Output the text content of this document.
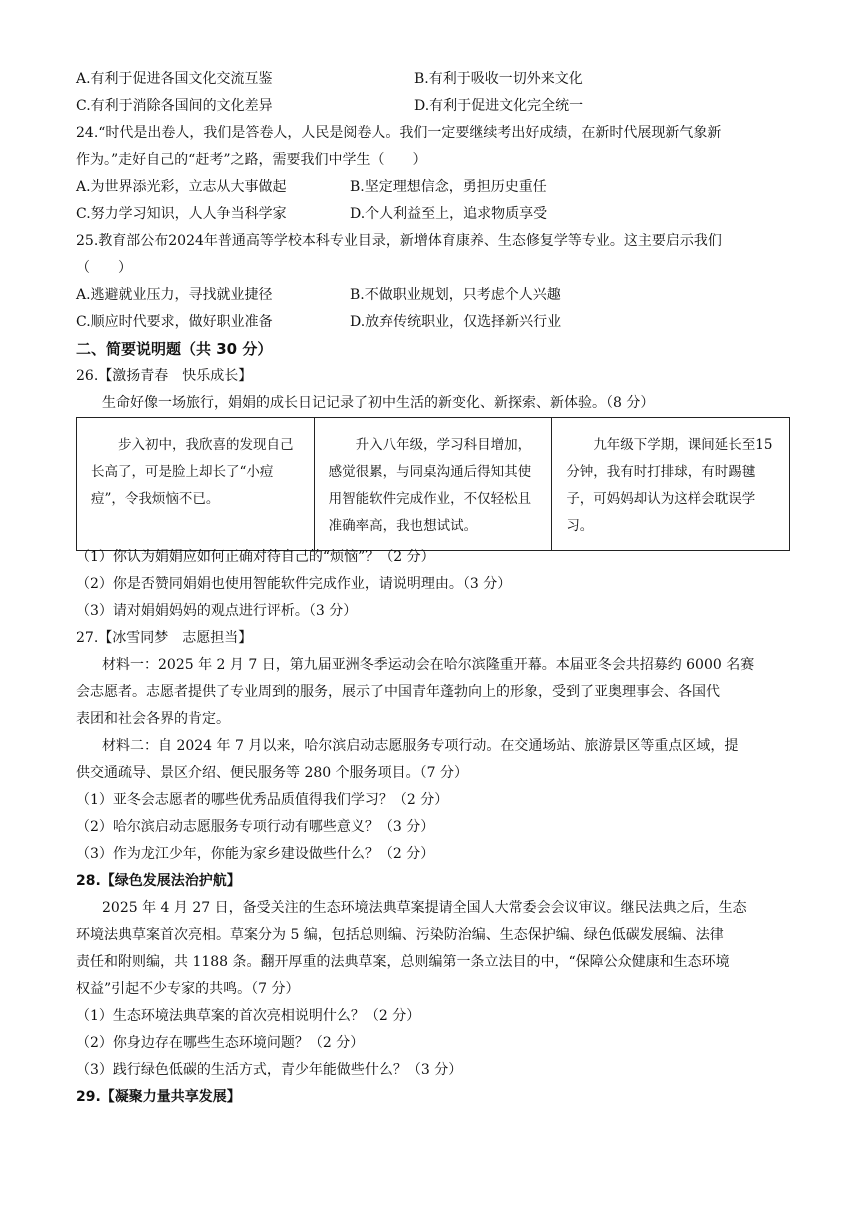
A.有利于促进各国文化交流互鉴	B.有利于吸收一切外来文化
C.有利于消除各国间的文化差异	D.有利于促进文化完全统一
24.“时代是出卷人，我们是答卷人，人民是阅卷人。我们一定要继续考出好成绩，在新时代展现新气象新
作为。”走好自己的“赶考”之路，需要我们中学生（　　）
A.为世界添光彩，立志从大事做起	B.坚定理想信念，勇担历史重任
C.努力学习知识，人人争当科学家	D.个人利益至上，追求物质享受
25.教育部公布2024年普通高等学校本科专业目录，新增体育康养、生态修复学等专业。这主要启示我们
（　　）
A.逃避就业压力，寻找就业捷径	B.不做职业规划，只考虑个人兴趣
C.顺应时代要求，做好职业准备	D.放弃传统职业，仅选择新兴行业
二、简要说明题（共 30 分）
26.【激扬青春　快乐成长】
生命好像一场旅行，娟娟的成长日记记录了初中生活的新变化、新探索、新体验。（8 分）
步入初中，我欣喜的发现自己长高了，可是脸上却长了“小痘痘”，令我烦恼不已。	升入八年级，学习科目增加，感觉很累，与同桌沟通后得知其使用智能软件完成作业，不仅轻松且准确率高，我也想试试。	九年级下学期，课间延长至15 分钟，我有时打排球，有时踢毽子，可妈妈却认为这样会耽误学习。
（1）你认为娟娟应如何正确对待自己的“烦恼”？（2 分）
（2）你是否赞同娟娟也使用智能软件完成作业，请说明理由。（3 分）
（3）请对娟娟妈妈的观点进行评析。（3 分）
27.【冰雪同梦　志愿担当】
材料一：2025 年 2 月 7 日，第九届亚洲冬季运动会在哈尔滨隆重开幕。本届亚冬会共招募约 6000 名赛
会志愿者。志愿者提供了专业周到的服务，展示了中国青年蓬勃向上的形象，受到了亚奥理事会、各国代
表团和社会各界的肯定。
材料二：自 2024 年 7 月以来，哈尔滨启动志愿服务专项行动。在交通场站、旅游景区等重点区域，提
供交通疏导、景区介绍、便民服务等 280 个服务项目。（7 分）
（1）亚冬会志愿者的哪些优秀品质值得我们学习？（2 分）
（2）哈尔滨启动志愿服务专项行动有哪些意义？（3 分）
（3）作为龙江少年，你能为家乡建设做些什么？（2 分）
28.【绿色发展法治护航】
2025 年 4 月 27 日，备受关注的生态环境法典草案提请全国人大常委会会议审议。继民法典之后，生态
环境法典草案首次亮相。草案分为 5 编，包括总则编、污染防治编、生态保护编、绿色低碳发展编、法律
责任和附则编，共 1188 条。翻开厚重的法典草案，总则编第一条立法目的中，“保障公众健康和生态环境
权益”引起不少专家的共鸣。（7 分）
（1）生态环境法典草案的首次亮相说明什么？（2 分）
（2）你身边存在哪些生态环境问题？（2 分）
（3）践行绿色低碳的生活方式，青少年能做些什么？（3 分）
29.【凝聚力量共享发展】
